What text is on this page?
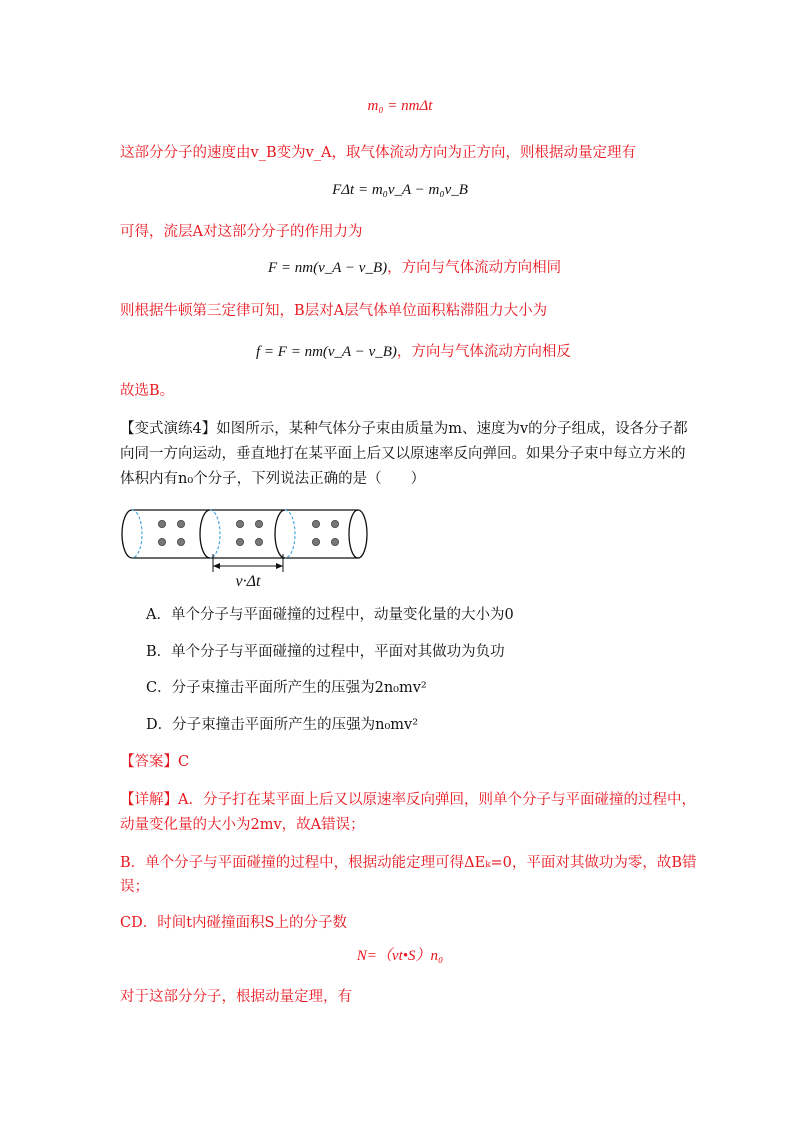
m₀ = nmΔt
这部分分子的速度由v_B变为v_A，取气体流动方向为正方向，则根据动量定理有
FΔt = m₀v_A − m₀v_B
可得，流层A对这部分分子的作用力为
F = nm(v_A − v_B)，方向与气体流动方向相同
则根据牛顿第三定律可知，B层对A层气体单位面积粘滞阻力大小为
f = F = nm(v_A − v_B)，方向与气体流动方向相反
故选B。
【变式演练4】如图所示，某种气体分子束由质量为m、速度为v的分子组成，设各分子都
向同一方向运动，垂直地打在某平面上后又以原速率反向弹回。如果分子束中每立方米的
体积内有n₀个分子，下列说法正确的是（　　）
v·Δt
A．单个分子与平面碰撞的过程中，动量变化量的大小为0
B．单个分子与平面碰撞的过程中，平面对其做功为负功
C．分子束撞击平面所产生的压强为2n₀mv²
D．分子束撞击平面所产生的压强为n₀mv²
【答案】C
【详解】A．分子打在某平面上后又以原速率反向弹回，则单个分子与平面碰撞的过程中，
动量变化量的大小为2mv，故A错误；
B．单个分子与平面碰撞的过程中，根据动能定理可得ΔEₖ=0，平面对其做功为零，故B错
误；
CD．时间t内碰撞面积S上的分子数
N=（vt•S）n₀
对于这部分分子，根据动量定理，有
